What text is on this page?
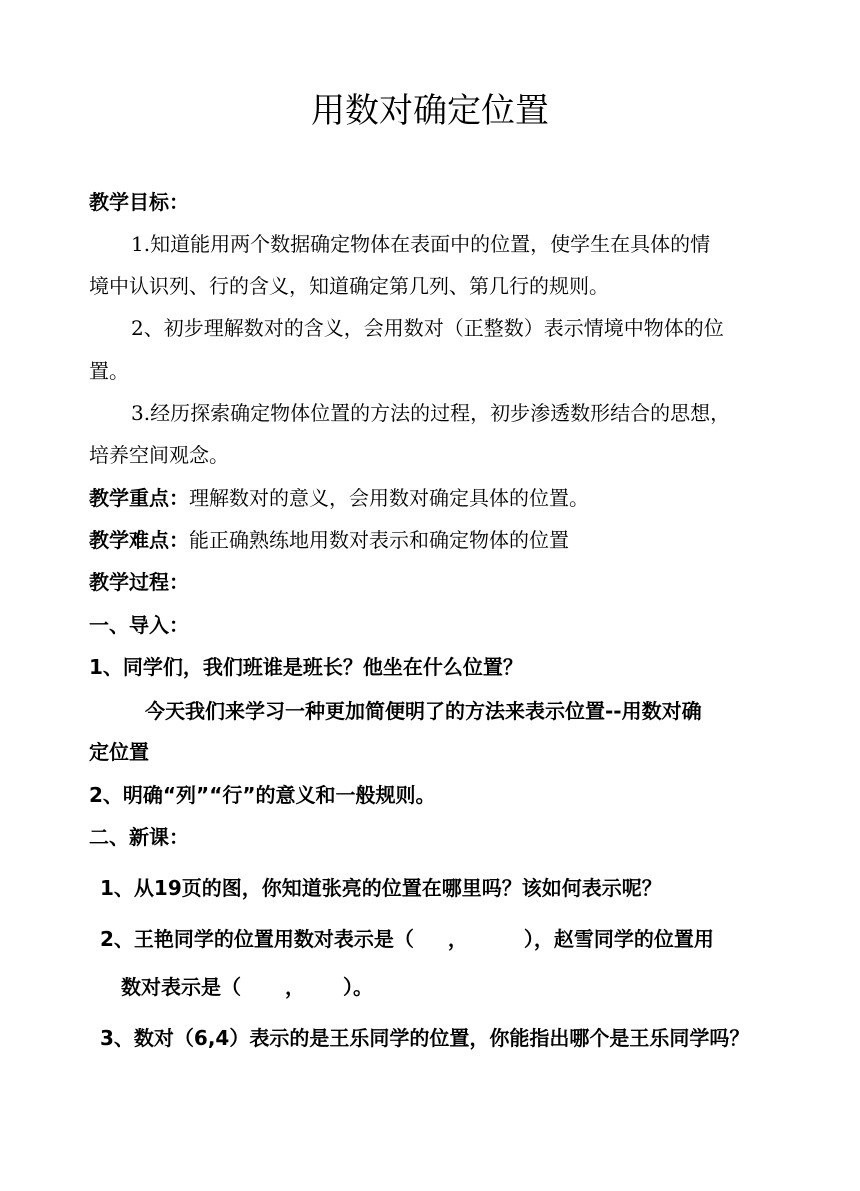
用数对确定位置
教学目标：
1.知道能用两个数据确定物体在表面中的位置，使学生在具体的情
境中认识列、行的含义，知道确定第几列、第几行的规则。
2、初步理解数对的含义，会用数对（正整数）表示情境中物体的位
置。
3.经历探索确定物体位置的方法的过程，初步渗透数形结合的思想，
培养空间观念。
教学重点：理解数对的意义，会用数对确定具体的位置。
教学难点：能正确熟练地用数对表示和确定物体的位置
教学过程：
一、导入：
1、同学们，我们班谁是班长？他坐在什么位置？
今天我们来学习一种更加简便明了的方法来表示位置--用数对确
定位置
2、明确“列”“行”的意义和一般规则。
二、新课：
1、从19页的图，你知道张亮的位置在哪里吗？该如何表示呢？
2、王艳同学的位置用数对表示是（ ，	），赵雪同学的位置用
数对表示是（ ， ）。
3、数对（6,4）表示的是王乐同学的位置，你能指出哪个是王乐同学吗？
